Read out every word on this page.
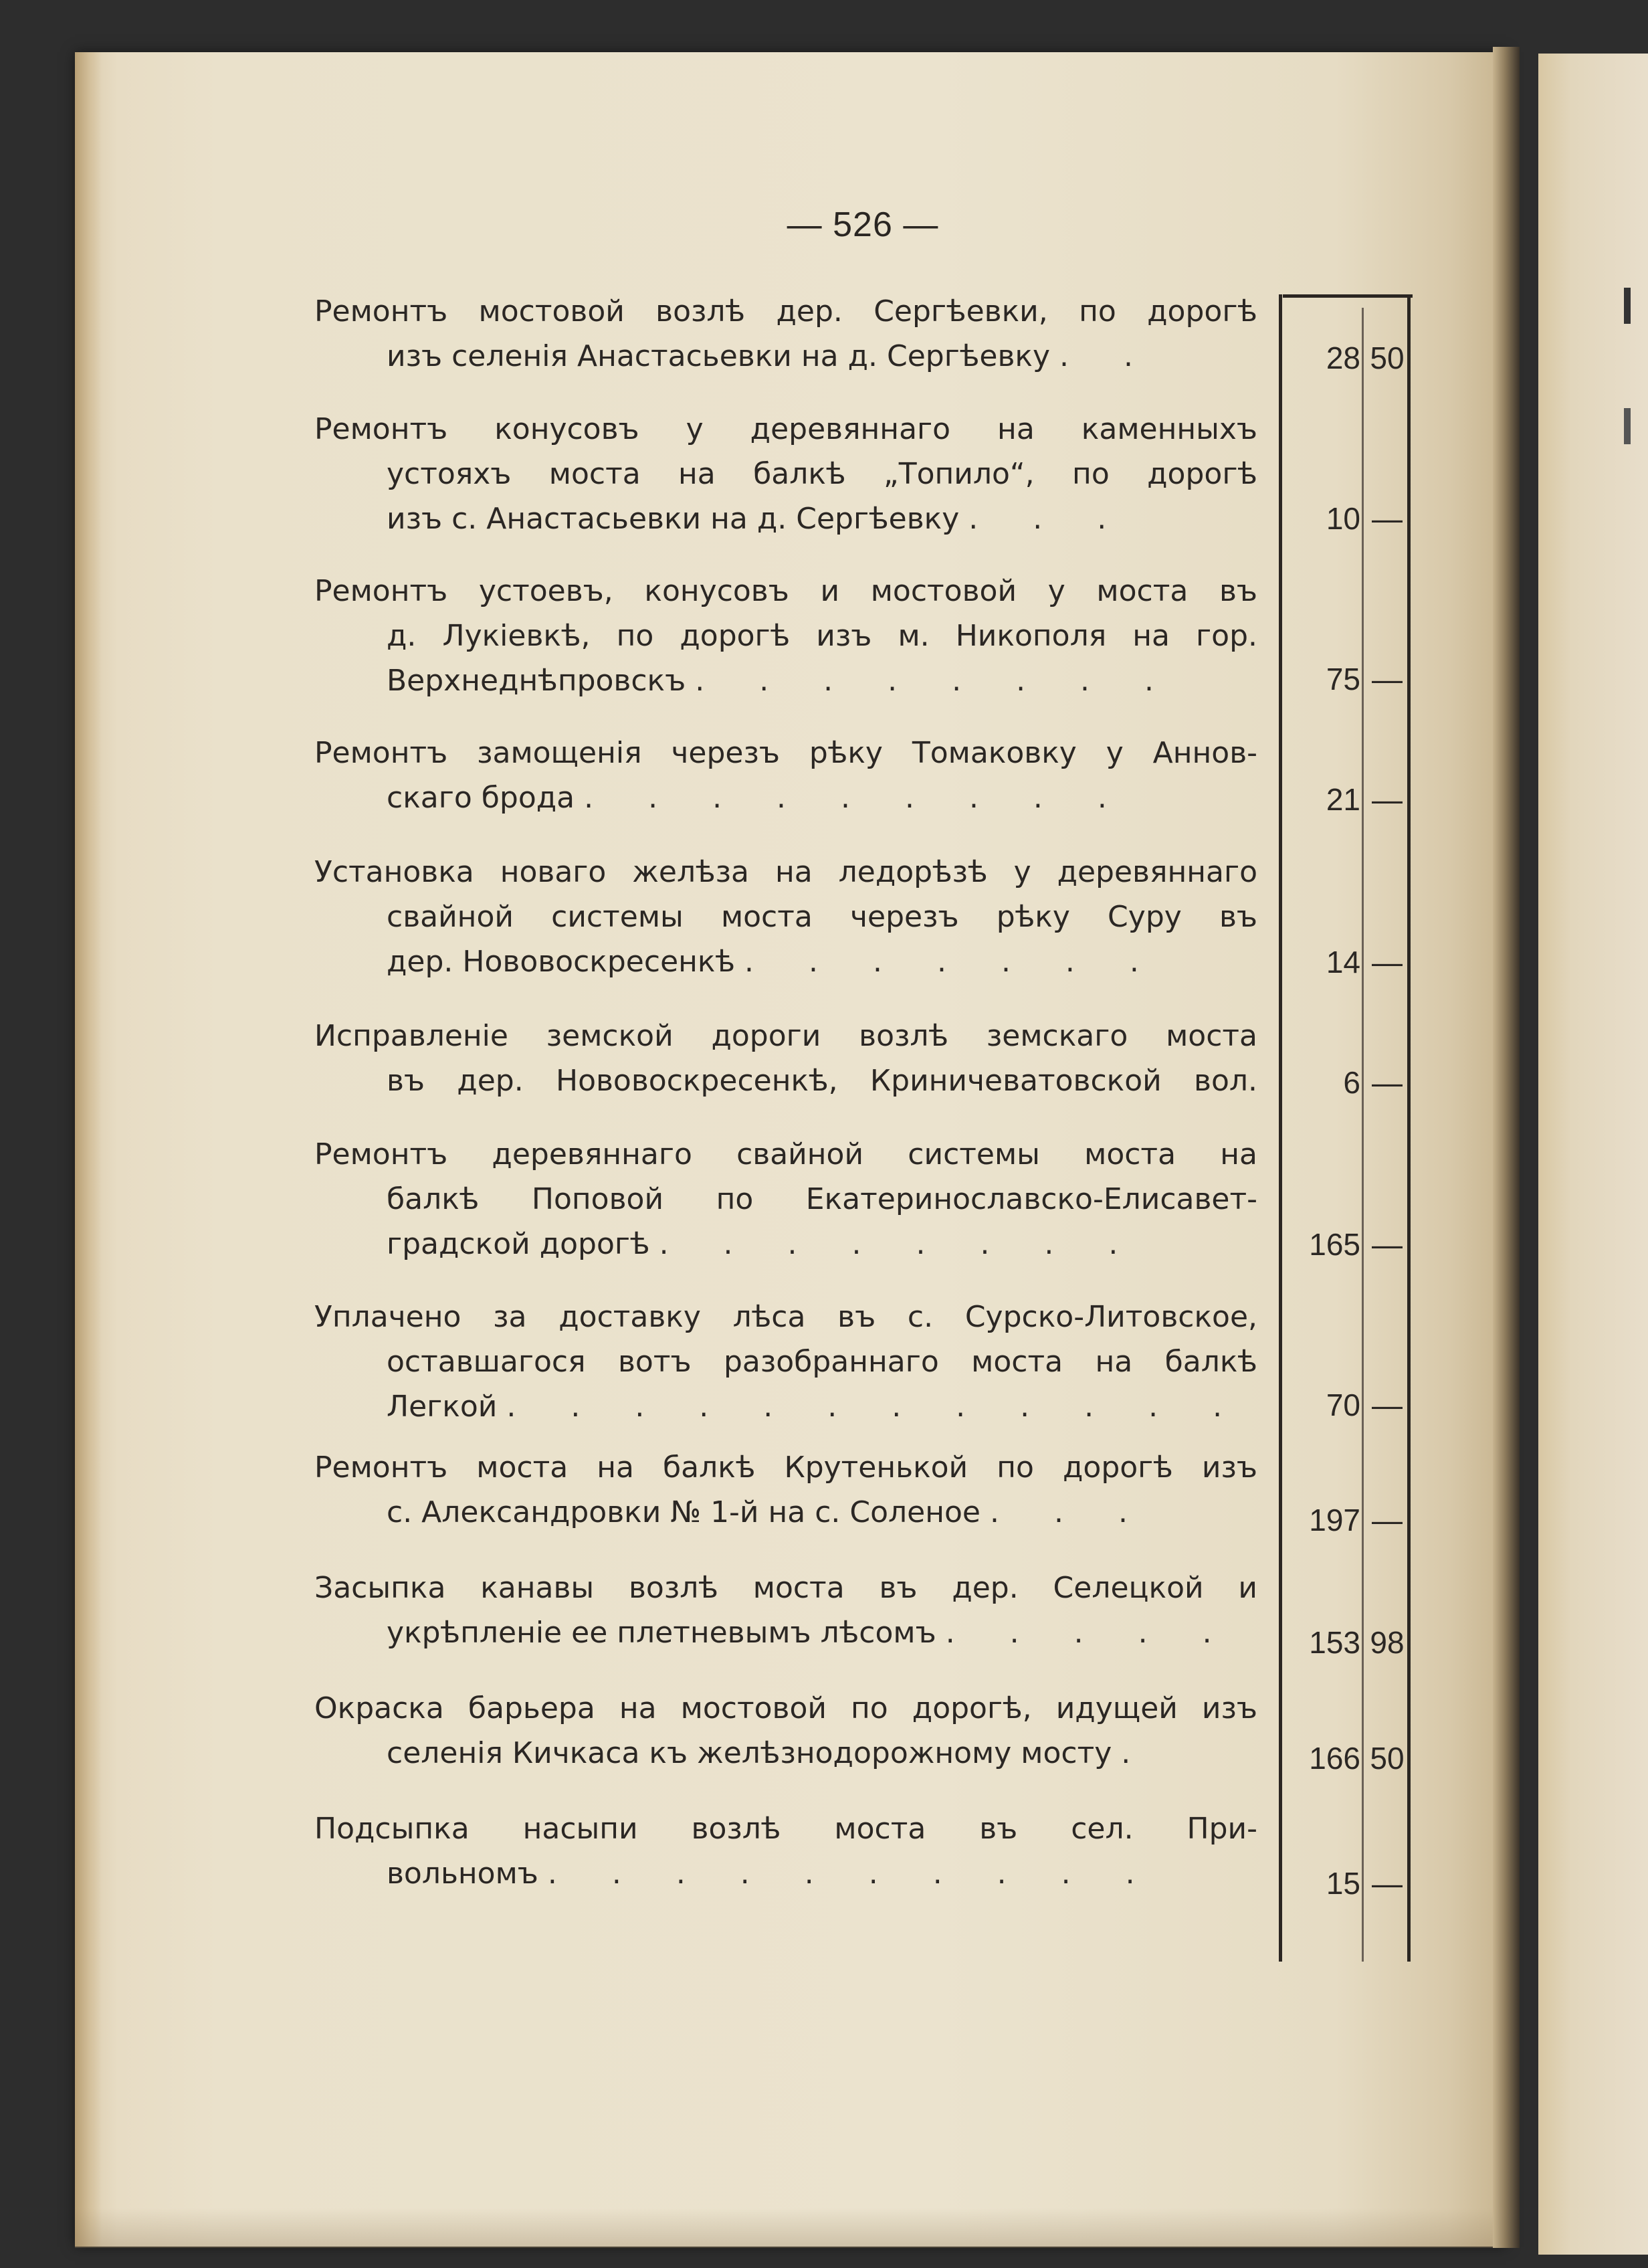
— 526 —
Ремонтъ мостовой возлѣ дер. Сергѣевки, по дорогѣ
изъ селенія Анастасьевки на д. Сергѣевку . .	28 50
Ремонтъ конусовъ у деревяннаго на каменныхъ
устояхъ моста на балкѣ „Топило“, по дорогѣ
изъ с. Анастасьевки на д. Сергѣевку . . .	10 —
Ремонтъ устоевъ, конусовъ и мостовой у моста въ
д. Лукіевкѣ, по дорогѣ изъ м. Никополя на гор.
Верхнеднѣпровскъ . . . . . . . .	75 —
Ремонтъ замощенія черезъ рѣку Томаковку у Аннов-
скаго брода . . . . . . . . .	21 —
Установка новаго желѣза на ледорѣзѣ у деревяннаго
свайной системы моста черезъ рѣку Суру въ
дер. Нововоскресенкѣ . . . . . . .	14 —
Исправленіе земской дороги возлѣ земскаго моста
въ дер. Нововоскресенкѣ, Криничеватовской вол.	6 —
Ремонтъ деревяннаго свайной системы моста на
балкѣ Поповой по Екатеринославско-Елисавет-
градской дорогѣ . . . . . . . .	165 —
Уплачено за доставку лѣса въ с. Сурско-Литовское,
оставшагося вотъ разобраннаго моста на балкѣ
Легкой . . . . . . . . . . . .	70 —
Ремонтъ моста на балкѣ Крутенькой по дорогѣ изъ
с. Александровки № 1-й на с. Соленое . . .	197 —
Засыпка канавы возлѣ моста въ дер. Селецкой и
укрѣпленіе ее плетневымъ лѣсомъ . . . . .	153 98
Окраска барьера на мостовой по дорогѣ, идущей изъ
селенія Кичкаса къ желѣзнодорожному мосту .	166 50
Подсыпка насыпи возлѣ моста въ сел. При-
вольномъ . . . . . . . . . .	15 —
